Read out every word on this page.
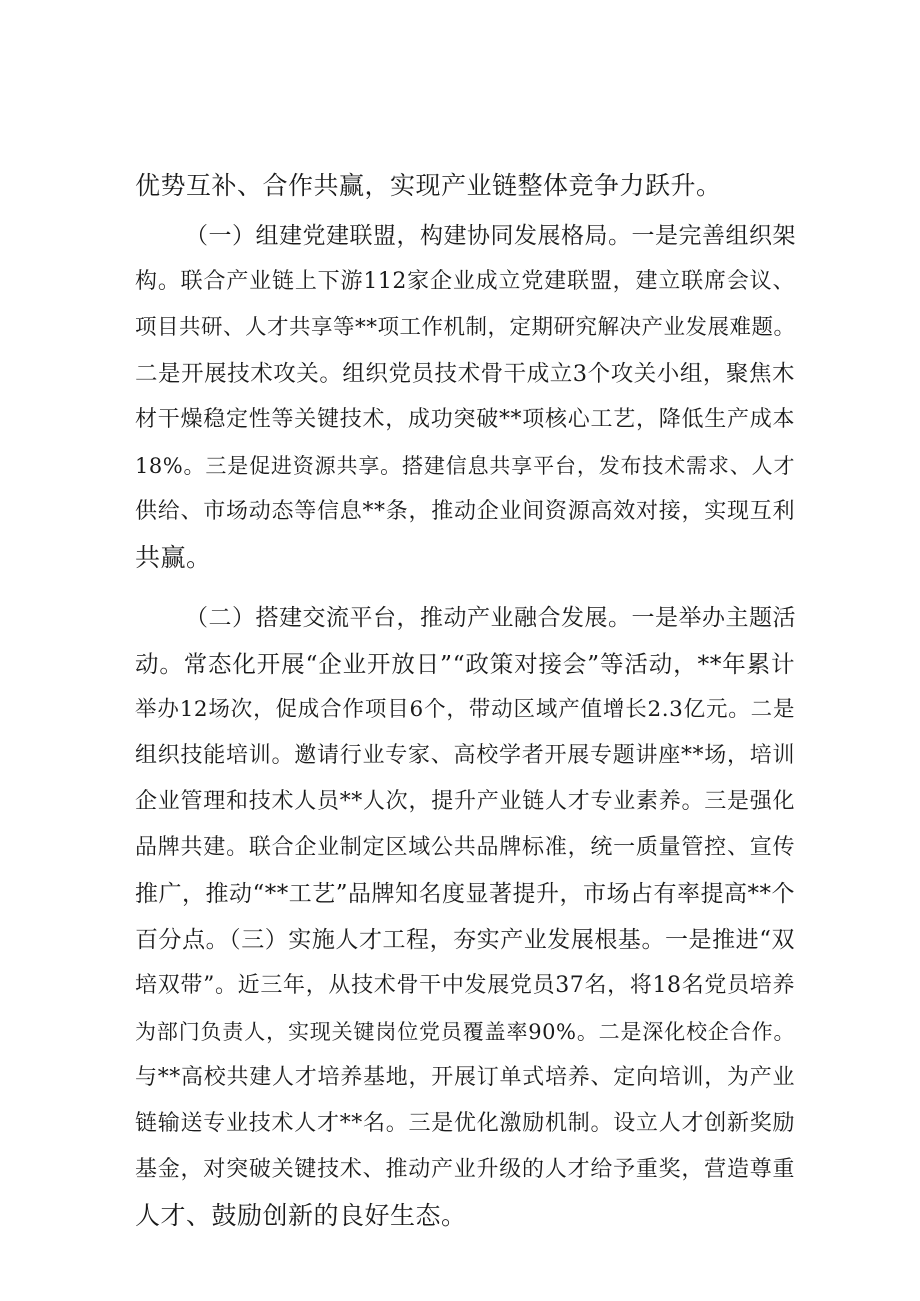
优势互补、合作共赢，实现产业链整体竞争力跃升。
（一）组建党建联盟，构建协同发展格局。一是完善组织架
构。联合产业链上下游112家企业成立党建联盟，建立联席会议、
项目共研、人才共享等**项工作机制，定期研究解决产业发展难题。
二是开展技术攻关。组织党员技术骨干成立3个攻关小组，聚焦木
材干燥稳定性等关键技术，成功突破**项核心工艺，降低生产成本
18%。三是促进资源共享。搭建信息共享平台，发布技术需求、人才
供给、市场动态等信息**条，推动企业间资源高效对接，实现互利
共赢。
（二）搭建交流平台，推动产业融合发展。一是举办主题活
动。常态化开展“企业开放日”“政策对接会”等活动，**年累计
举办12场次，促成合作项目6个，带动区域产值增长2.3亿元。二是
组织技能培训。邀请行业专家、高校学者开展专题讲座**场，培训
企业管理和技术人员**人次，提升产业链人才专业素养。三是强化
品牌共建。联合企业制定区域公共品牌标准，统一质量管控、宣传
推广，推动“**工艺”品牌知名度显著提升，市场占有率提高**个
百分点。（三）实施人才工程，夯实产业发展根基。一是推进“双
培双带”。近三年，从技术骨干中发展党员37名，将18名党员培养
为部门负责人，实现关键岗位党员覆盖率90%。二是深化校企合作。
与**高校共建人才培养基地，开展订单式培养、定向培训，为产业
链输送专业技术人才**名。三是优化激励机制。设立人才创新奖励
基金，对突破关键技术、推动产业升级的人才给予重奖，营造尊重
人才、鼓励创新的良好生态。
